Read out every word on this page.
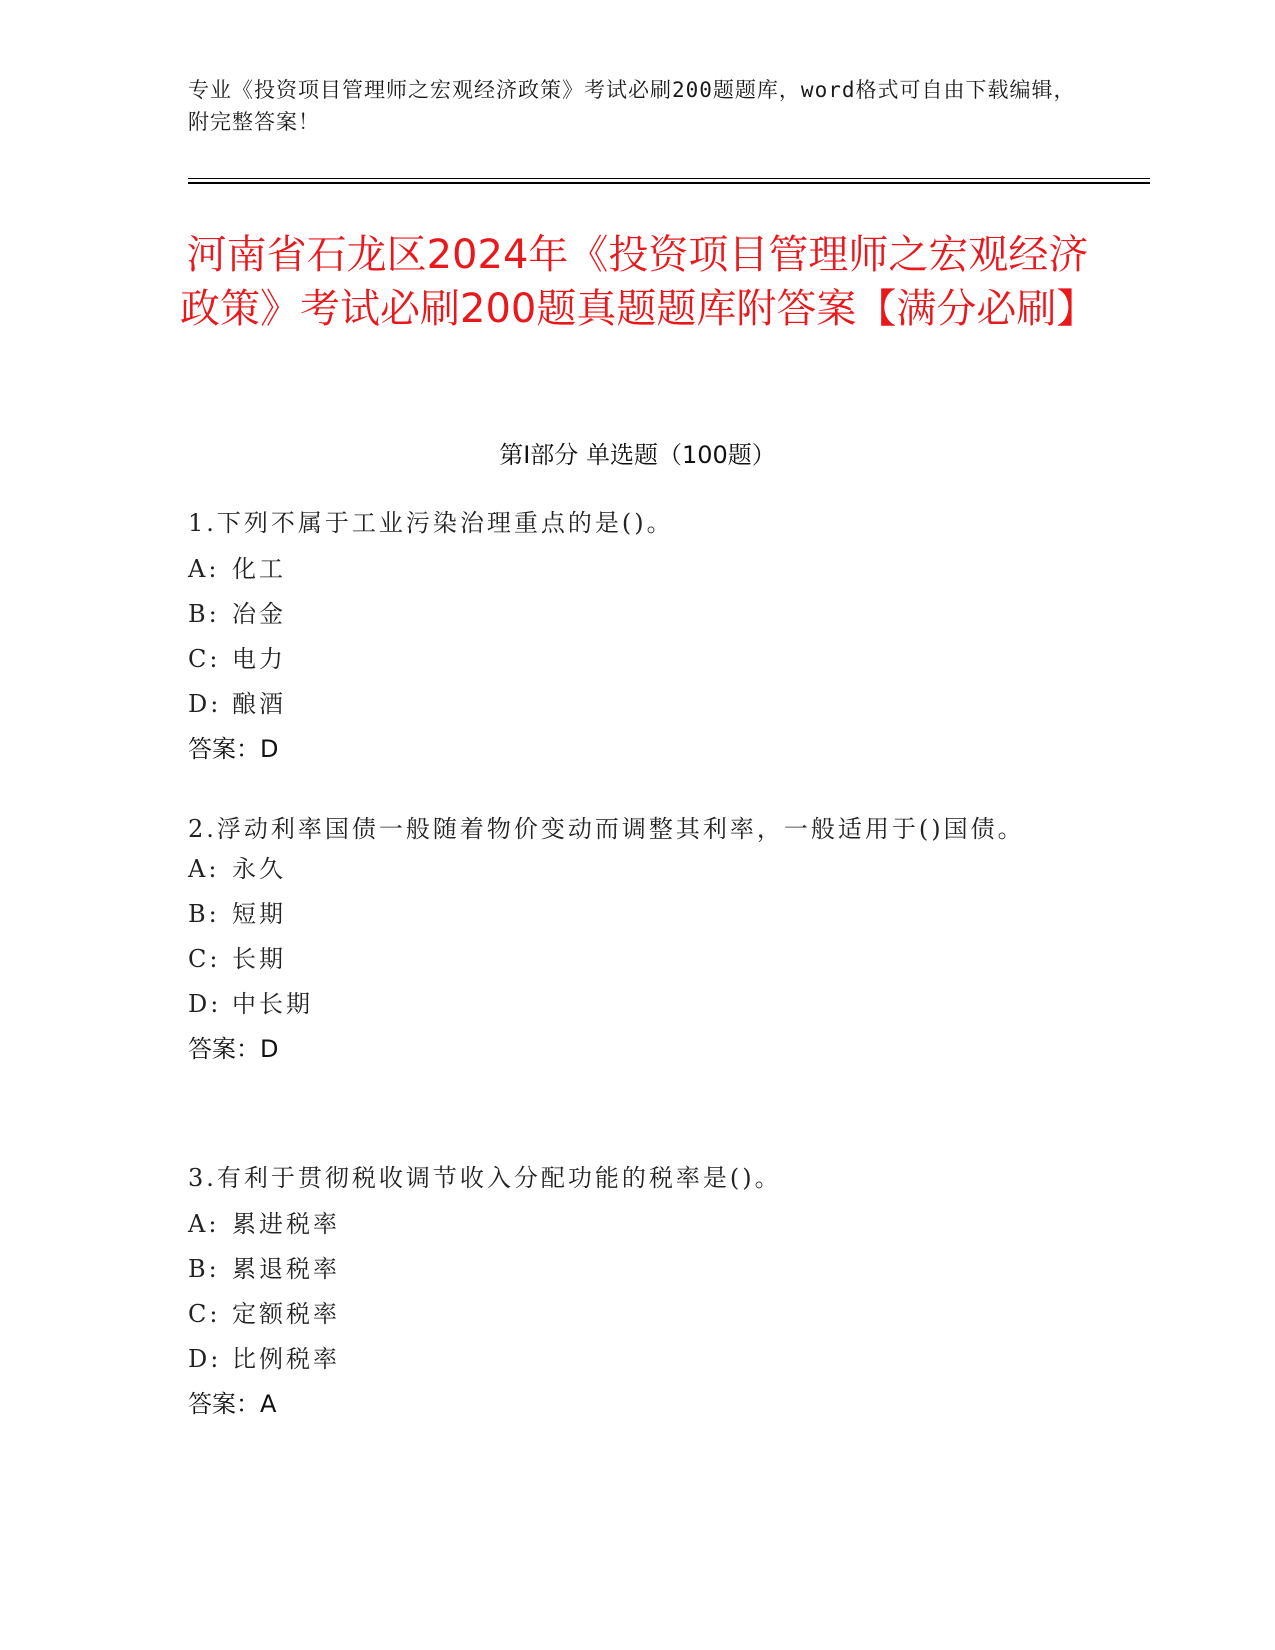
专业《投资项目管理师之宏观经济政策》考试必刷200题题库，word格式可自由下载编辑，附完整答案！
河南省石龙区2024年《投资项目管理师之宏观经济政策》考试必刷200题真题题库附答案【满分必刷】
第Ⅰ部分 单选题（100题）

1.下列不属于工业污染治理重点的是()。

A: 化工

B: 冶金

C: 电力

D: 酿酒

答案：D

2.浮动利率国债一般随着物价变动而调整其利率，一般适用于()国债。

A: 永久

B: 短期

C: 长期

D: 中长期

答案：D

3.有利于贯彻税收调节收入分配功能的税率是()。

A: 累进税率

B: 累退税率

C: 定额税率

D: 比例税率

答案：A
